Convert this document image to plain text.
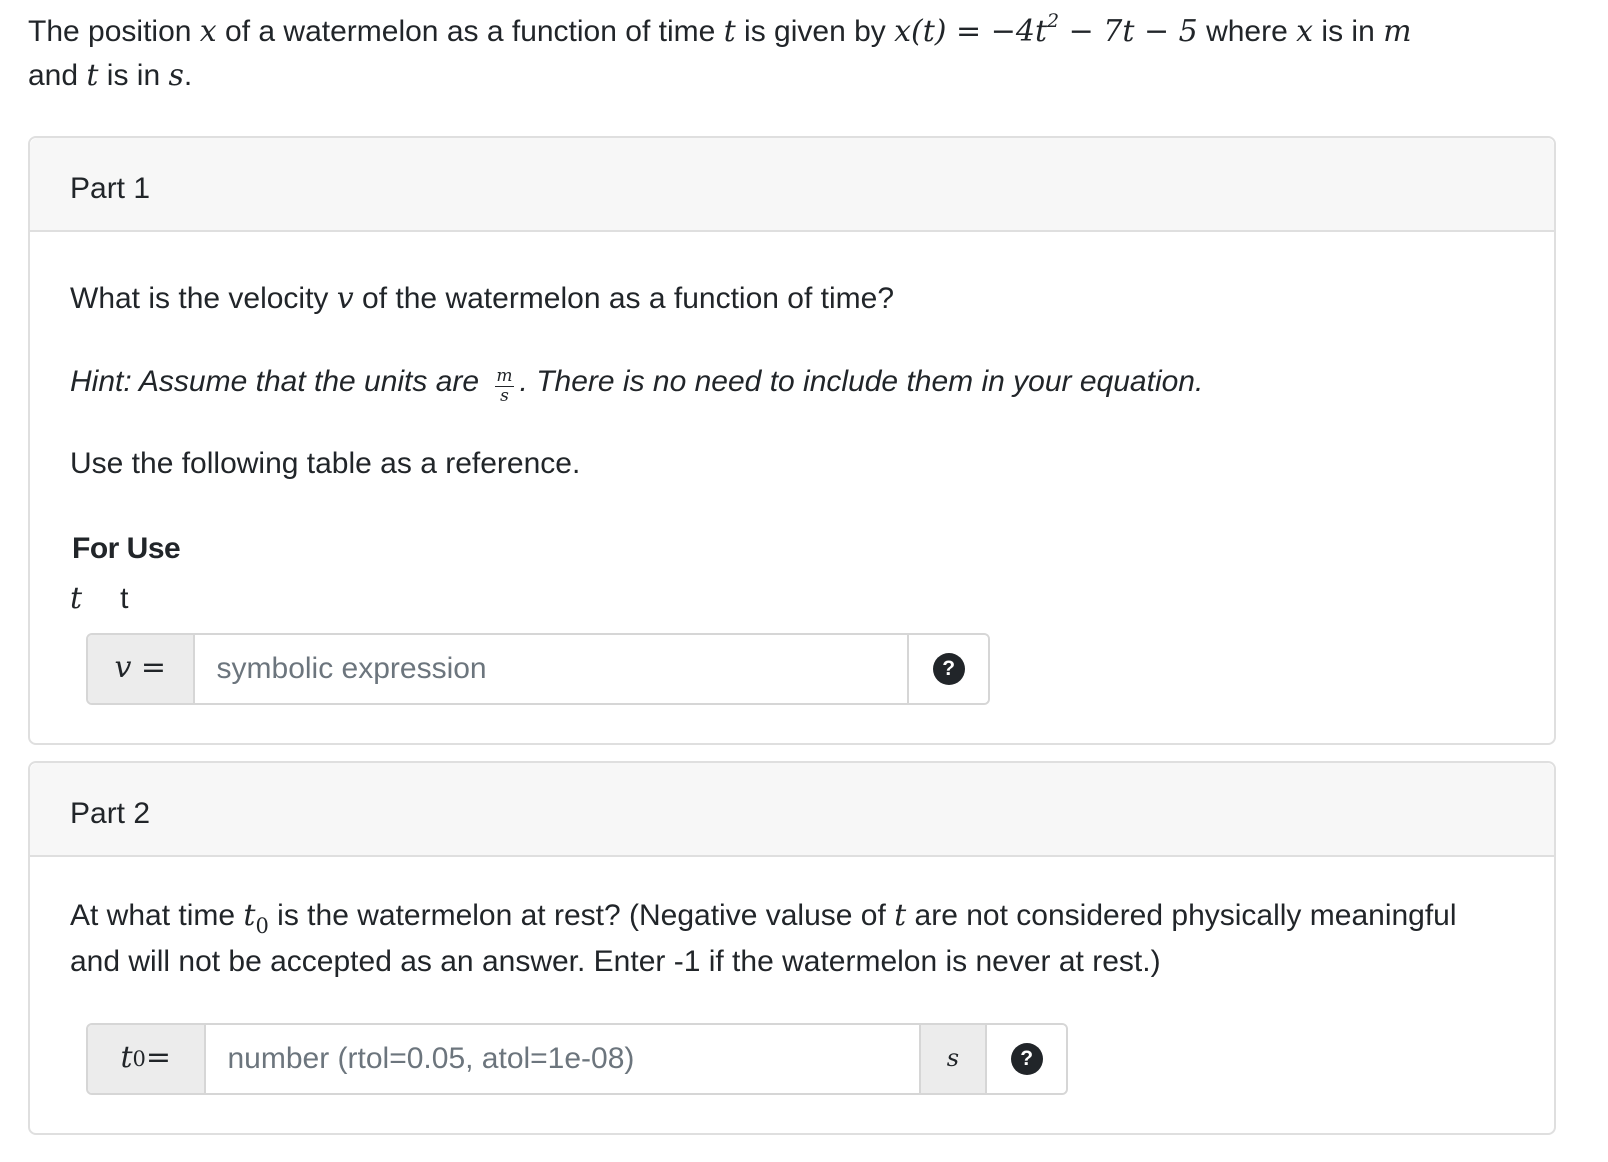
The position x of a watermelon as a function of time t is given by $x(t) = -4t^2 - 7t - 5$ where x is in m
and t is in s.

Part 1

What is the velocity v of the watermelon as a function of time?

Hint: Assume that the units are $\frac{m}{s}$ . There is no need to include them in your equation.

Use the following table as a reference.

For Use
t t
v =
symbolic expression	?
Part 2

At what time $t_0$ is the watermelon at rest? (Negative valuse of t are not considered physically meaningful and will not be accepted as an answer. Enter -1 if the watermelon is never at rest.)

t 0 =
number (rtol=0.05, atol=1e-08)	s	?
